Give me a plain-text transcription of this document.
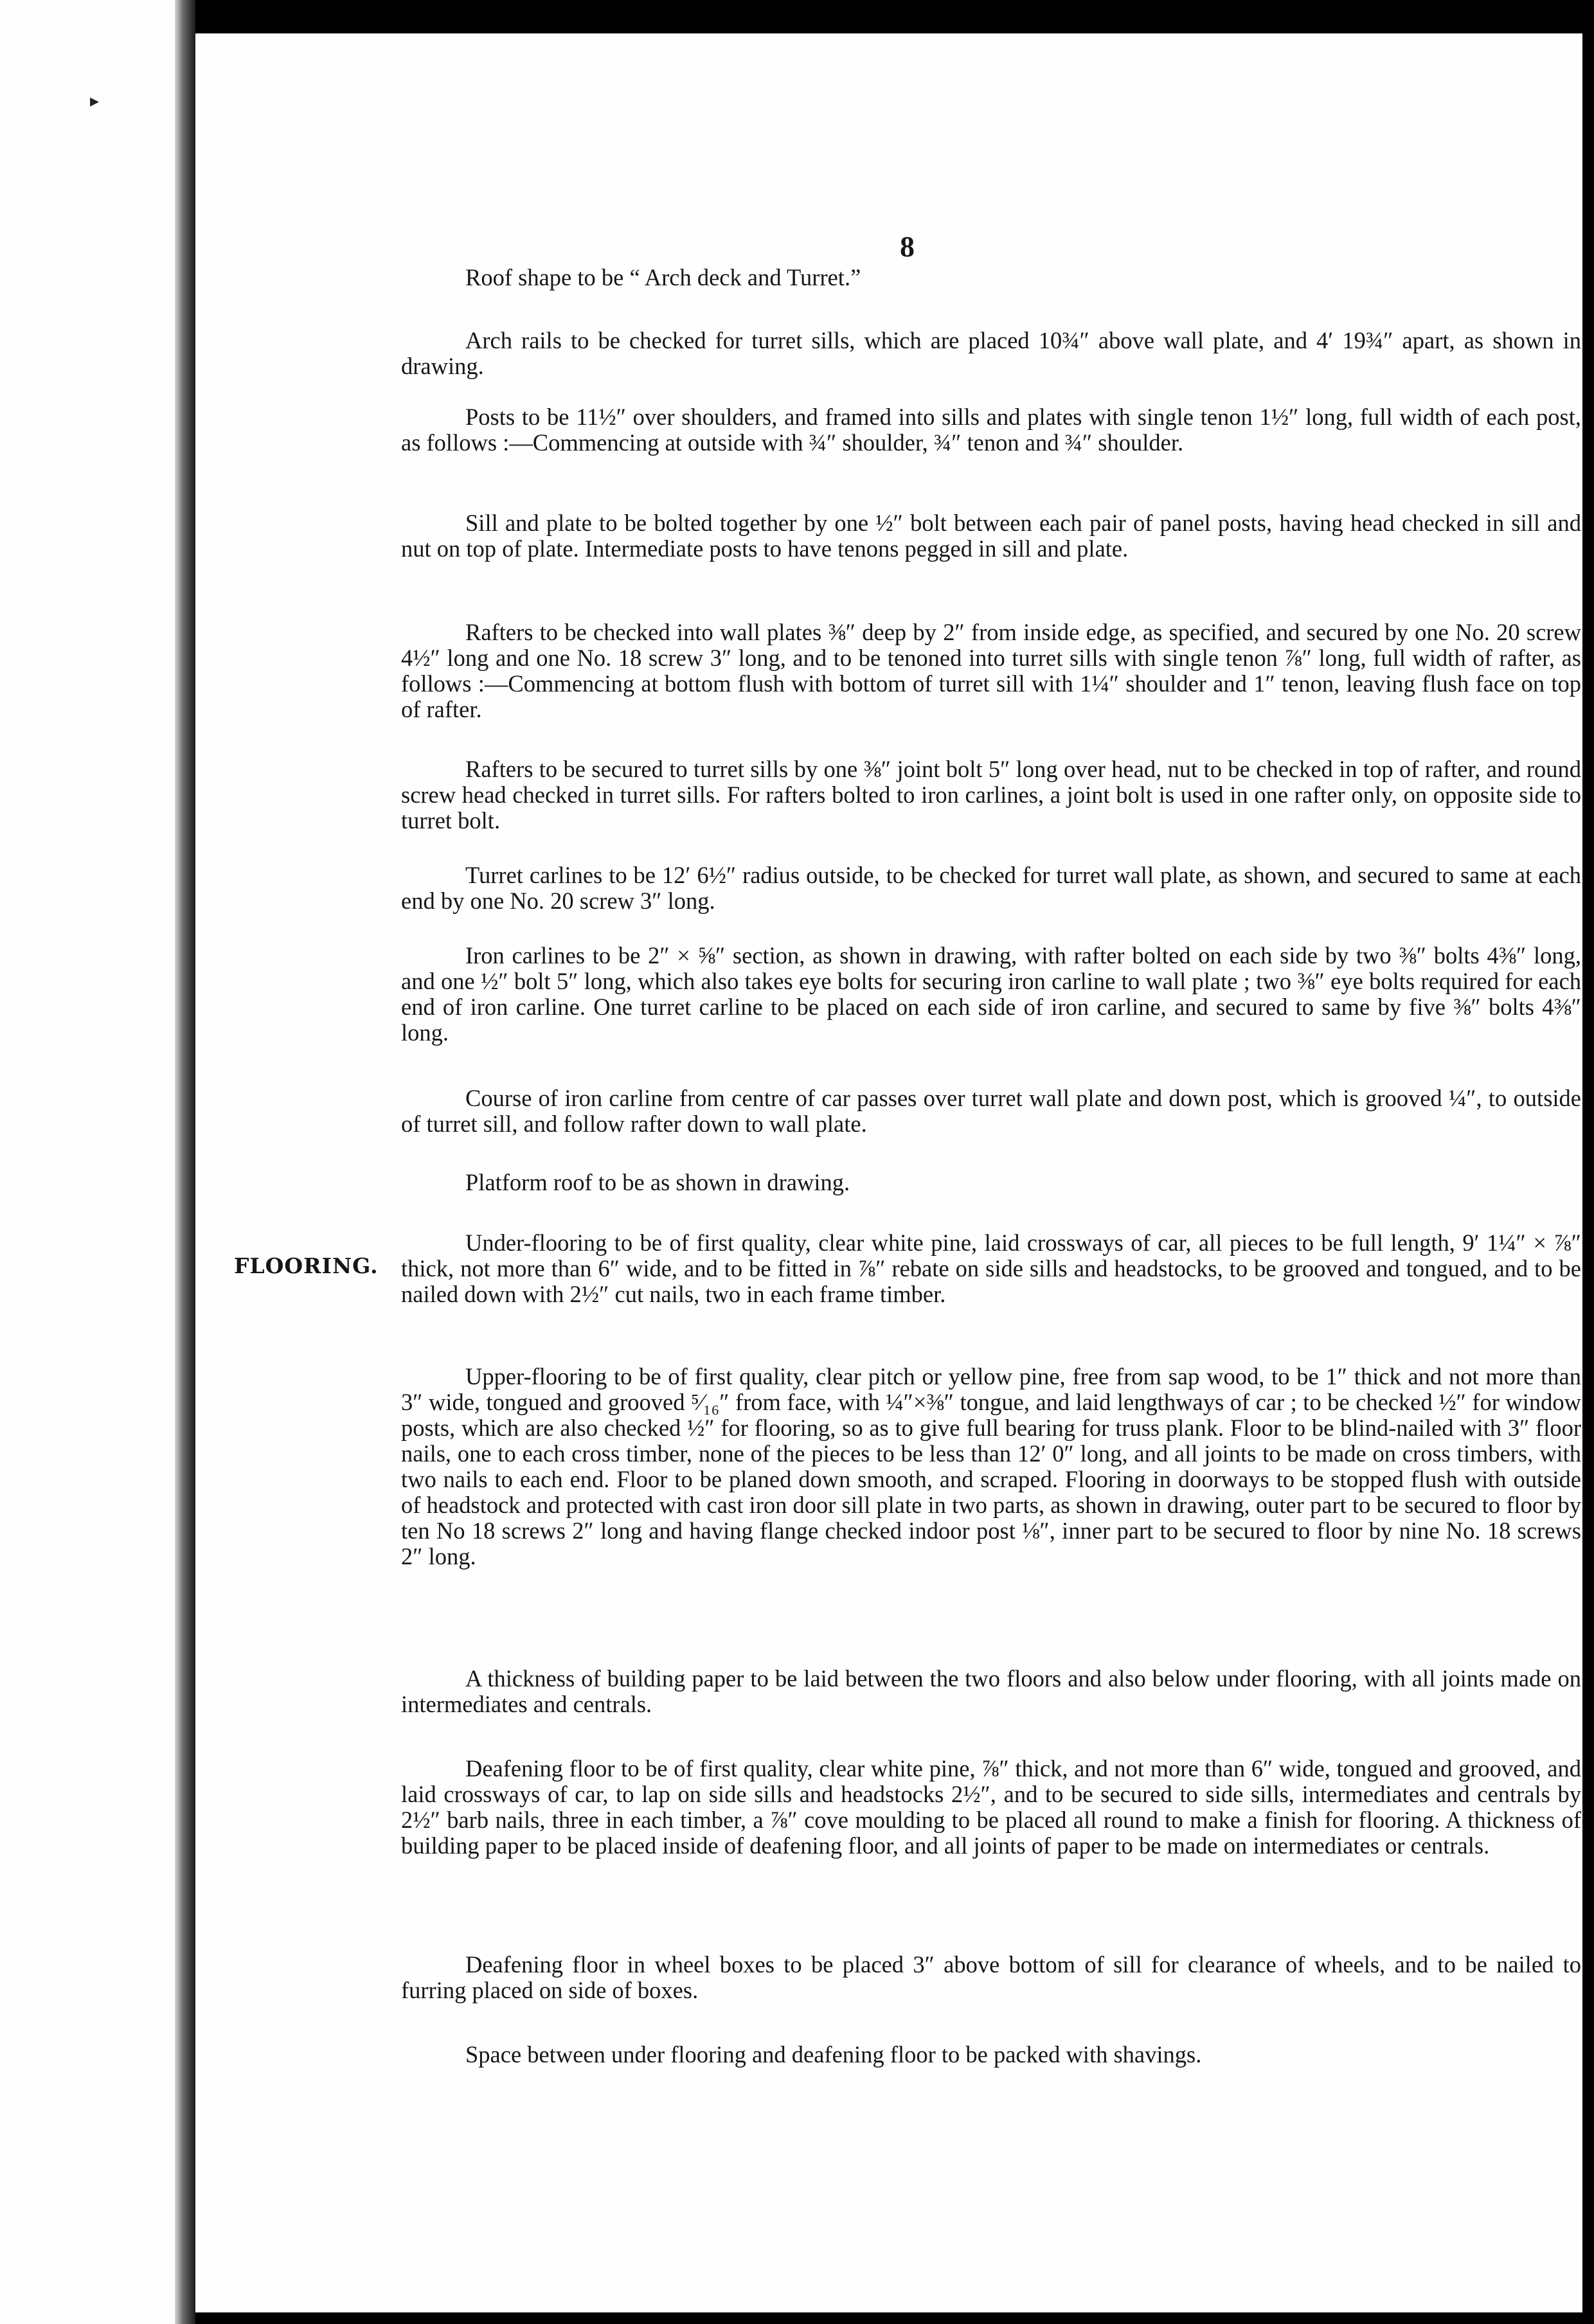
▸

8

FLOORING.

Roof shape to be “ Arch deck and Turret.”

Arch rails to be checked for turret sills, which are placed 10¾″ above wall plate, and 4′ 19¾″ apart, as shown in drawing.

Posts to be 11½″ over shoulders, and framed into sills and plates with single tenon 1½″ long, full width of each post, as follows :—Commencing at outside with ¾″ shoulder, ¾″ tenon and ¾″ shoulder.

Sill and plate to be bolted together by one ½″ bolt between each pair of panel posts, having head checked in sill and nut on top of plate. Intermediate posts to have tenons pegged in sill and plate.

Rafters to be checked into wall plates ⅜″ deep by 2″ from inside edge, as specified, and secured by one No. 20 screw 4½″ long and one No. 18 screw 3″ long, and to be tenoned into turret sills with single tenon ⅞″ long, full width of rafter, as follows :—Commencing at bottom flush with bottom of turret sill with 1¼″ shoulder and 1″ tenon, leaving flush face on top of rafter.

Rafters to be secured to turret sills by one ⅜″ joint bolt 5″ long over head, nut to be checked in top of rafter, and round screw head checked in turret sills. For rafters bolted to iron carlines, a joint bolt is used in one rafter only, on opposite side to turret bolt.

Turret carlines to be 12′ 6½″ radius outside, to be checked for turret wall plate, as shown, and secured to same at each end by one No. 20 screw 3″ long.

Iron carlines to be 2″ × ⅝″ section, as shown in drawing, with rafter bolted on each side by two ⅜″ bolts 4⅜″ long, and one ½″ bolt 5″ long, which also takes eye bolts for securing iron carline to wall plate ; two ⅜″ eye bolts required for each end of iron carline. One turret carline to be placed on each side of iron carline, and secured to same by five ⅜″ bolts 4⅜″ long.

Course of iron carline from centre of car passes over turret wall plate and down post, which is grooved ¼″, to outside of turret sill, and follow rafter down to wall plate.

Platform roof to be as shown in drawing.

Under-flooring to be of first quality, clear white pine, laid crossways of car, all pieces to be full length, 9′ 1¼″ × ⅞″ thick, not more than 6″ wide, and to be fitted in ⅞″ rebate on side sills and headstocks, to be grooved and tongued, and to be nailed down with 2½″ cut nails, two in each frame timber.

Upper-flooring to be of first quality, clear pitch or yellow pine, free from sap wood, to be 1″ thick and not more than 3″ wide, tongued and grooved ⁵⁄₁₆″ from face, with ¼″×⅜″ tongue, and laid lengthways of car ; to be checked ½″ for window posts, which are also checked ½″ for flooring, so as to give full bearing for truss plank. Floor to be blind-nailed with 3″ floor nails, one to each cross timber, none of the pieces to be less than 12′ 0″ long, and all joints to be made on cross timbers, with two nails to each end. Floor to be planed down smooth, and scraped. Flooring in doorways to be stopped flush with outside of headstock and protected with cast iron door sill plate in two parts, as shown in drawing, outer part to be secured to floor by ten No 18 screws 2″ long and having flange checked indoor post ⅛″, inner part to be secured to floor by nine No. 18 screws 2″ long.

A thickness of building paper to be laid between the two floors and also below under flooring, with all joints made on intermediates and centrals.

Deafening floor to be of first quality, clear white pine, ⅞″ thick, and not more than 6″ wide, tongued and grooved, and laid crossways of car, to lap on side sills and headstocks 2½″, and to be secured to side sills, intermediates and centrals by 2½″ barb nails, three in each timber, a ⅞″ cove moulding to be placed all round to make a finish for flooring. A thickness of building paper to be placed inside of deafening floor, and all joints of paper to be made on intermediates or centrals.

Deafening floor in wheel boxes to be placed 3″ above bottom of sill for clearance of wheels, and to be nailed to furring placed on side of boxes.

Space between under flooring and deafening floor to be packed with shavings.
